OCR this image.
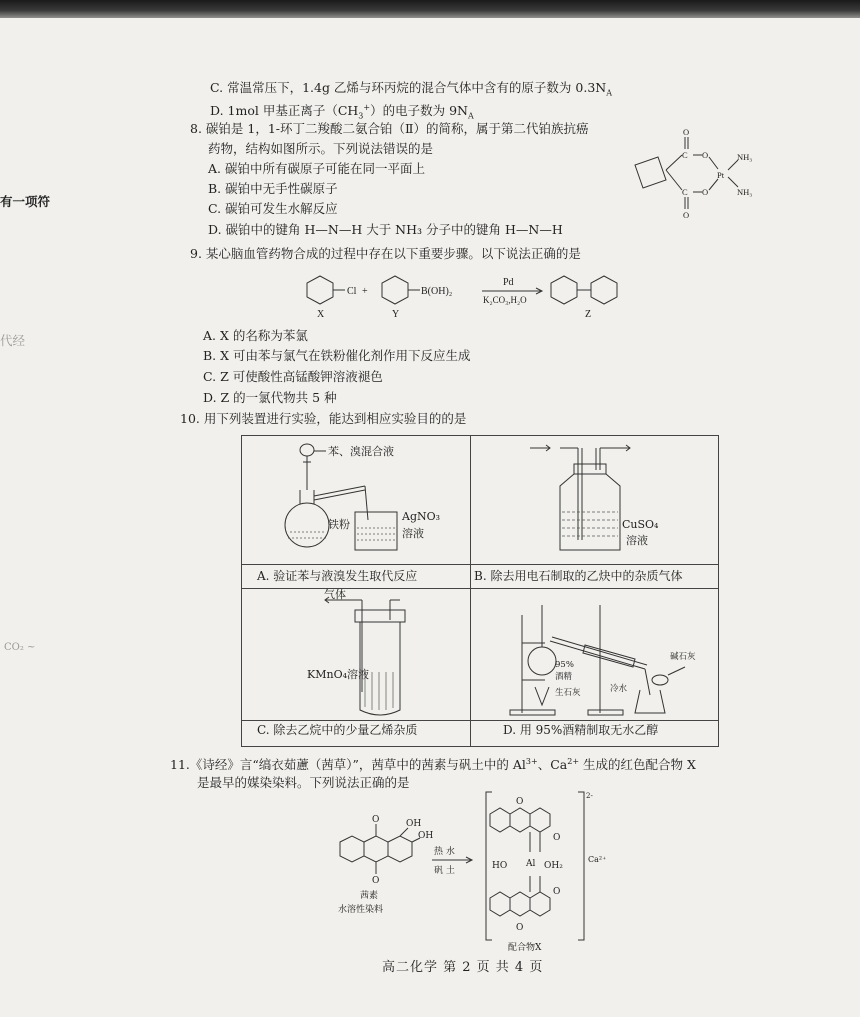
有一项符
代经
CO₂ ~
C. 常温常压下，1.4g 乙烯与环丙烷的混合气体中含有的原子数为 $0.3N_A$
D. 1mol 甲基正离子$(CH_3^+)$的电子数为 $9N_A$
8. 碳铂是 1，1-环丁二羧酸二氨合铂（Ⅱ）的简称，属于第二代铂族抗癌
药物，结构如图所示。下列说法错误的是
A. 碳铂中所有碳原子可能在同一平面上
B. 碳铂中无手性碳原子
C. 碳铂可发生水解反应
D. 碳铂中的键角 H—N—H 大于 NH₃ 分子中的键角 H—N—H
O
C O
Pt
NH₃
NH₃
C O
O
9. 某心脑血管药物合成的过程中存在以下重要步骤。以下说法正确的是
Cl +	B(OH)₂
Pd
K₂CO₃,H₂O
X	Y	Z
A. X 的名称为苯氯
B. X 可由苯与氯气在铁粉催化剂作用下反应生成
C. Z 可使酸性高锰酸钾溶液褪色
D. Z 的一氯代物共 5 种
10. 用下列装置进行实验，能达到相应实验目的的是
苯、溴混合液
铁粉
AgNO₃
溶液
CuSO₄
溶液
A. 验证苯与液溴发生取代反应	B. 除去用电石制取的乙炔中的杂质气体
气体
KMnO₄溶液
95%
酒精
生石灰
碱石灰
冷水
C. 除去乙烷中的少量乙烯杂质	D. 用 95%酒精制取无水乙醇
11.《诗经》言“缟衣茹藘（茜草）”，茜草中的茜素与矾土中的 $Al^{3+}$、$Ca^{2+}$ 生成的红色配合物 X
是最早的媒染染料。下列说法正确的是
O	OH
OH
O
热 水
矾 土
茜素
水溶性染料
O
O
HO Al OH₂
O
O
2-
Ca²⁺
配合物X
高二化学 第 2 页 共 4 页
